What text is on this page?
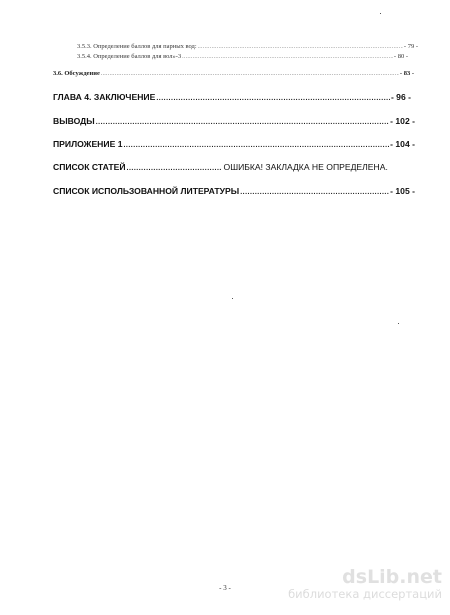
3.5.3. Определение баллов для парных вод: .....	- 79 -
3.5.4. Определение баллов для вол»-3 .....	- 80 -
3.6. Обсуждение .....	- 83 -
ГЛАВА 4. ЗАКЛЮЧЕНИЕ .....	- 96 -
ВЫВОДЫ .....	- 102 -
ПРИЛОЖЕНИЕ 1 .....	- 104 -
СПИСОК СТАТЕЙ .....	ОШИБКА! ЗАКЛАДКА НЕ ОПРЕДЕЛЕНА.
СПИСОК ИСПОЛЬЗОВАННОЙ ЛИТЕРАТУРЫ .....	- 105 -
- 3 -	dsLib.net
библиотека диссертаций
